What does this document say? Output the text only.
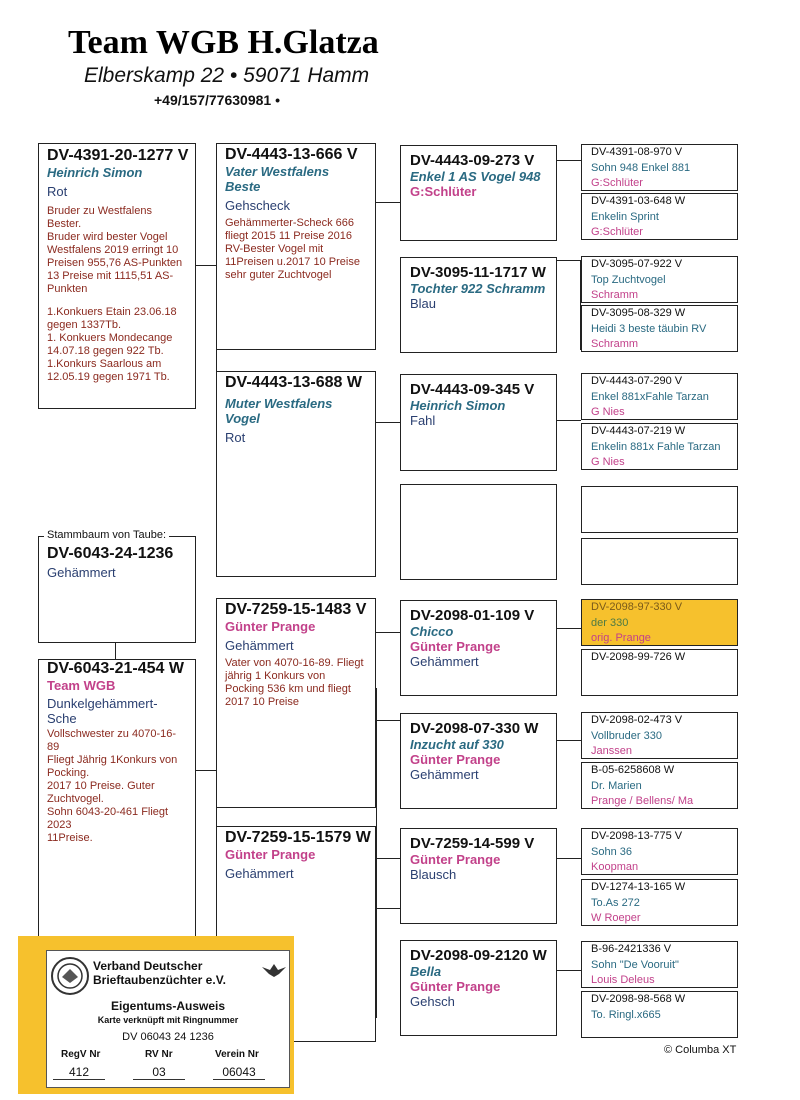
Team WGB H.Glatza
Elberskamp 22 • 59071 Hamm
+49/157/77630981 •
DV-4391-20-1277 V
Heinrich Simon
Rot
Bruder zu Westfalens Bester.
Bruder wird bester Vogel Westfalens 2019 erringt 10 Preisen 955,76 AS-Punkten
13 Preise mit 1115,51 AS-Punkten
1.Konkuers Etain 23.06.18 gegen 1337Tb.
1. Konkuers Mondecange 14.07.18 gegen 922 Tb.
1.Konkurs Saarlous am 12.05.19 gegen 1971 Tb.
DV-6043-24-1236
Gehämmert
Stammbaum von Taube:
DV-6043-21-454 W
Team WGB
Dunkelgehämmert-Sche
Vollschwester zu 4070-16-89
Fliegt Jährig 1Konkurs von Pocking.
2017 10 Preise. Guter Zuchtvogel.
Sohn 6043-20-461 Fliegt 2023
11Preise.
DV-4443-13-666 V
Vater Westfalens Beste
Gehscheck
Gehämmerter-Scheck 666 fliegt 2015 11 Preise 2016 RV-Bester Vogel mit 11Preisen u.2017 10 Preise sehr guter Zuchtvogel
DV-4443-13-688 W
Muter Westfalens Vogel
Rot
DV-7259-15-1483 V
Günter Prange
Gehämmert
Vater von 4070-16-89. Fliegt jährig 1 Konkurs von Pocking 536 km und fliegt 2017 10 Preise
DV-7259-15-1579 W
Günter Prange
Gehämmert
DV-4443-09-273 V
Enkel 1 AS Vogel 948
G:Schlüter
DV-3095-11-1717 W
Tochter 922 Schramm
Blau
DV-4443-09-345 V
Heinrich Simon
Fahl
DV-2098-01-109 V
Chicco
Günter Prange
Gehämmert
DV-2098-07-330 W
Inzucht auf 330
Günter Prange
Gehämmert
DV-7259-14-599 V
Günter Prange
Blausch
DV-2098-09-2120 W
Bella
Günter Prange
Gehsch
DV-4391-08-970 V
Sohn 948 Enkel 881
G:Schlüter
DV-4391-03-648 W
Enkelin Sprint
G:Schlüter
DV-3095-07-922 V
Top Zuchtvogel
Schramm
DV-3095-08-329 W
Heidi 3 beste täubin RV
Schramm
DV-4443-07-290 V
Enkel 881xFahle Tarzan
G Nies
DV-4443-07-219 W
Enkelin 881x Fahle Tarzan
G Nies
DV-2098-97-330 V
der 330
orig. Prange
DV-2098-99-726 W
DV-2098-02-473 V
Vollbruder 330
Janssen
B-05-6258608 W
Dr. Marien
Prange / Bellens/ Ma
DV-2098-13-775 V
Sohn 36
Koopman
DV-1274-13-165 W
To.As 272
W Roeper
B-96-2421336 V
Sohn "De Vooruit"
Louis Deleus
DV-2098-98-568 W
To. Ringl.x665
Verband Deutscher
Brieftaubenzüchter e.V.
Eigentums-Ausweis
Karte verknüpft mit Ringnummer
DV 06043 24 1236
RegV Nr	RV Nr	Verein Nr
412	03	06043
© Columba XT
